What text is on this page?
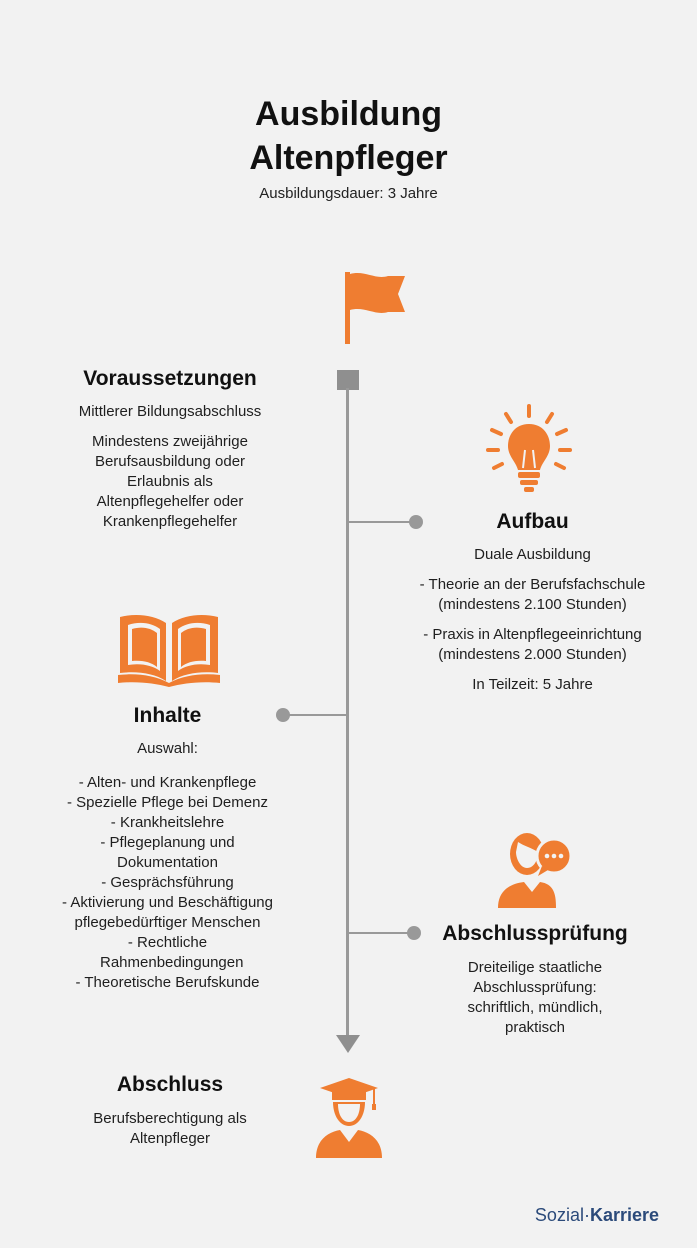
Ausbildung
Altenpfleger
Ausbildungsdauer: 3 Jahre
Voraussetzungen
Mittlerer Bildungsabschluss
Mindestens zweijährige Berufsausbildung oder Erlaubnis als Altenpflegehelfer oder Krankenpflegehelfer	Aufbau
Duale Ausbildung
- Theorie an der Berufsfachschule (mindestens 2.100 Stunden)
- Praxis in Altenpflegeeinrichtung (mindestens 2.000 Stunden)
In Teilzeit: 5 Jahre
Inhalte
Auswahl:
- Alten- und Krankenpflege
- Spezielle Pflege bei Demenz
- Krankheitslehre
- Pflegeplanung und Dokumentation
- Gesprächsführung
- Aktivierung und Beschäftigung pflegebedürftiger Menschen
- Rechtliche Rahmenbedingungen
- Theoretische Berufskunde
Abschlussprüfung
Dreiteilige staatliche Abschlussprüfung: schriftlich, mündlich, praktisch
Abschluss
Berufsberechtigung als Altenpfleger
Sozial·Karriere
